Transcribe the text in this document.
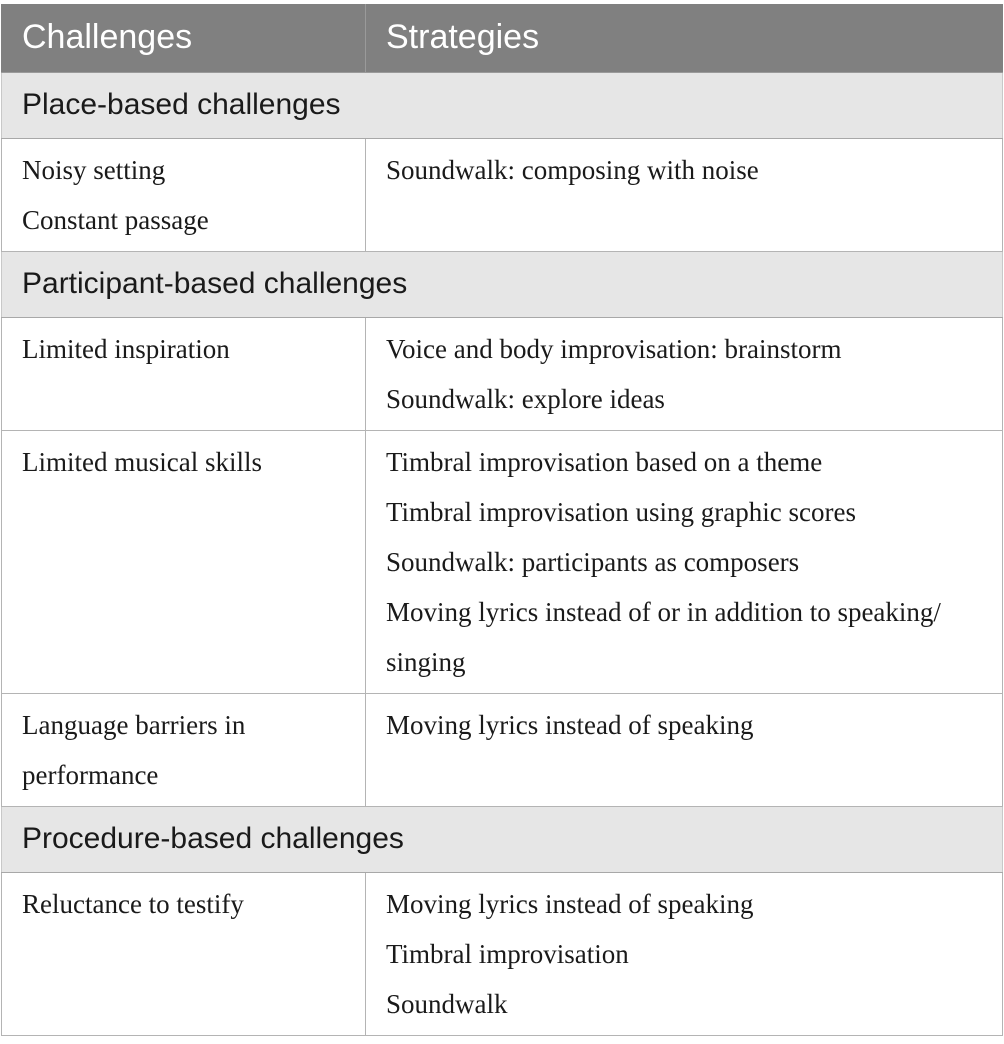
Challenges	Strategies
Place-based challenges	

Noisy setting
Constant passage	Soundwalk: composing with noise

Participant-based challenges	

Limited inspiration	Voice and body improvisation: brainstorm
Soundwalk: explore ideas

Limited musical skills	Timbral improvisation based on a theme
Timbral improvisation using graphic scores
Soundwalk: participants as composers
Moving lyrics instead of or in addition to speaking/ singing

Language barriers in
performance	Moving lyrics instead of speaking

Procedure-based challenges	

Reluctance to testify	Moving lyrics instead of speaking
Timbral improvisation
Soundwalk
